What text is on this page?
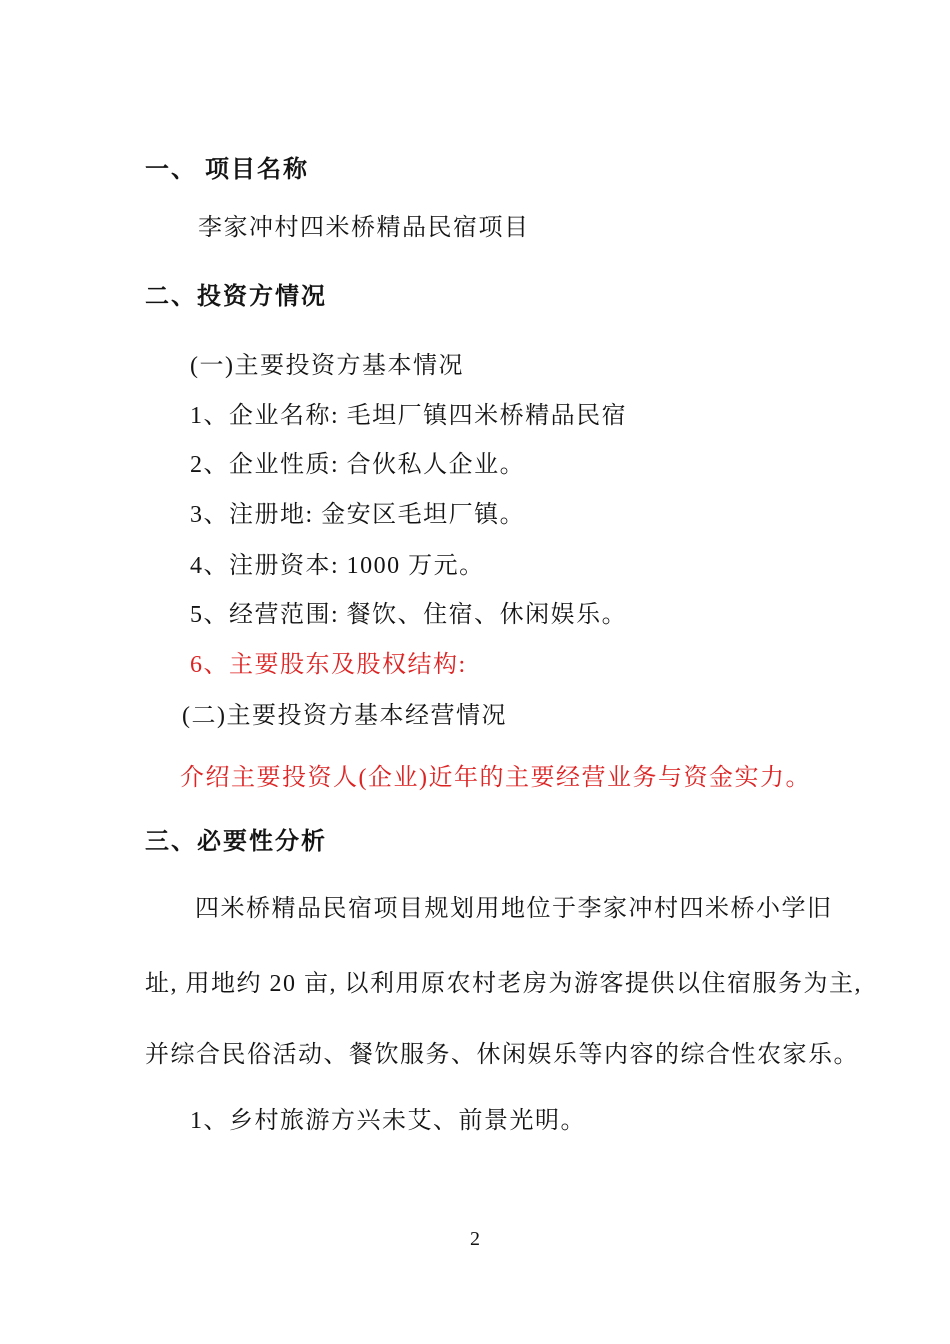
一、 项目名称
李家冲村四米桥精品民宿项目
二、投资方情况
(一)主要投资方基本情况
1、企业名称: 毛坦厂镇四米桥精品民宿
2、企业性质: 合伙私人企业。
3、注册地: 金安区毛坦厂镇。
4、注册资本: 1000 万元。
5、经营范围: 餐饮、住宿、休闲娱乐。
6、主要股东及股权结构:
(二)主要投资方基本经营情况
介绍主要投资人(企业)近年的主要经营业务与资金实力。
三、必要性分析
四米桥精品民宿项目规划用地位于李家冲村四米桥小学旧
址, 用地约 20 亩, 以利用原农村老房为游客提供以住宿服务为主,
并综合民俗活动、餐饮服务、休闲娱乐等内容的综合性农家乐。
1、乡村旅游方兴未艾、前景光明。
2
